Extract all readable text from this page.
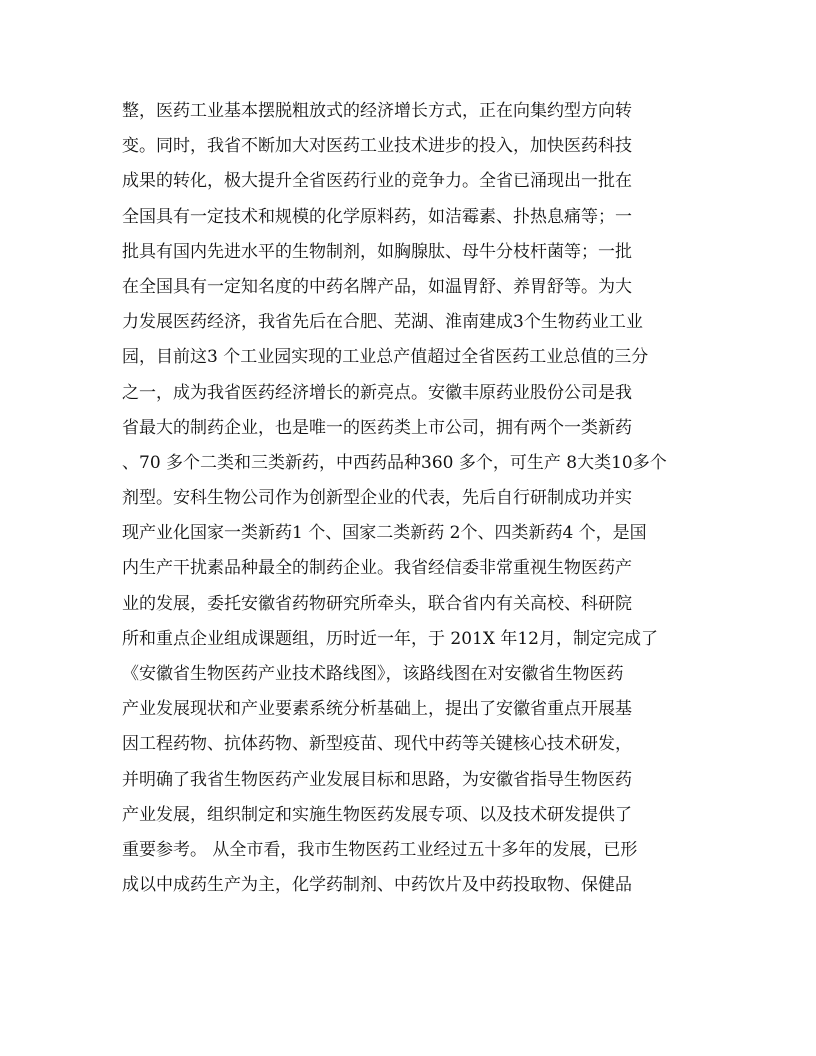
整，医药工业基本摆脱粗放式的经济增长方式，正在向集约型方向转
变。同时，我省不断加大对医药工业技术进步的投入，加快医药科技
成果的转化，极大提升全省医药行业的竞争力。全省已涌现出一批在
全国具有一定技术和规模的化学原料药，如洁霉素、扑热息痛等；一
批具有国内先进水平的生物制剂，如胸腺肽、母牛分枝杆菌等；一批
在全国具有一定知名度的中药名牌产品，如温胃舒、养胃舒等。为大
力发展医药经济，我省先后在合肥、芜湖、淮南建成3个生物药业工业
园，目前这3 个工业园实现的工业总产值超过全省医药工业总值的三分
之一，成为我省医药经济增长的新亮点。安徽丰原药业股份公司是我
省最大的制药企业，也是唯一的医药类上市公司，拥有两个一类新药
、70 多个二类和三类新药，中西药品种360 多个，可生产 8大类10多个
剂型。安科生物公司作为创新型企业的代表，先后自行研制成功并实
现产业化国家一类新药1 个、国家二类新药 2个、四类新药4 个，是国
内生产干扰素品种最全的制药企业。我省经信委非常重视生物医药产
业的发展，委托安徽省药物研究所牵头，联合省内有关高校、科研院
所和重点企业组成课题组，历时近一年，于 201X 年12月，制定完成了
《安徽省生物医药产业技术路线图》，该路线图在对安徽省生物医药
产业发展现状和产业要素系统分析基础上，提出了安徽省重点开展基
因工程药物、抗体药物、新型疫苗、现代中药等关键核心技术研发，
并明确了我省生物医药产业发展目标和思路，为安徽省指导生物医药
产业发展，组织制定和实施生物医药发展专项、以及技术研发提供了
重要参考。 从全市看，我市生物医药工业经过五十多年的发展，已形
成以中成药生产为主，化学药制剂、中药饮片及中药投取物、保健品
